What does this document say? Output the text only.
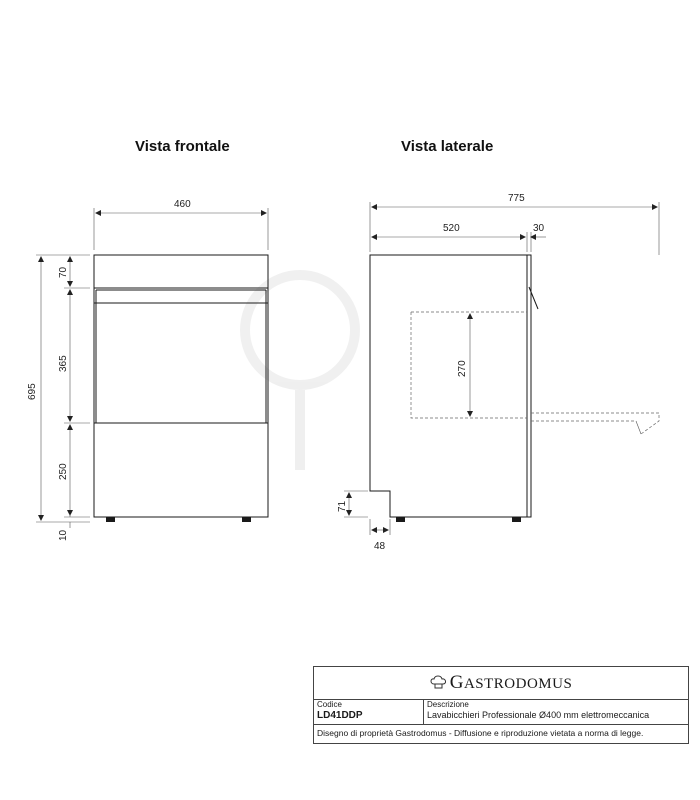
Vista frontale	Vista laterale
460
695
70
365
250
10
775
520	30
270
71
48
GASTRODOMUS
Codice
LD41DDP
Descrizione
Lavabicchieri Professionale Ø400 mm elettromeccanica
Disegno di proprietà Gastrodomus - Diffusione e riproduzione vietata a norma di legge.
